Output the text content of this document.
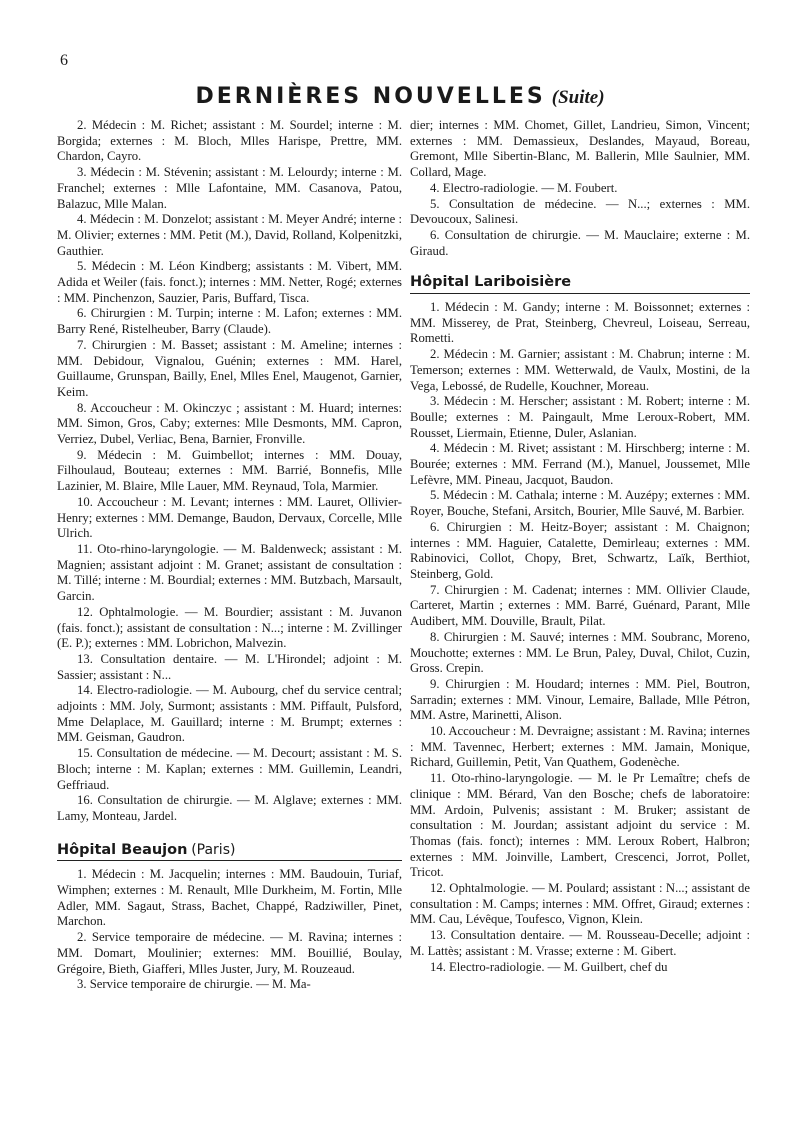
6
DERNIÈRES NOUVELLES (Suite)

2. Médecin : M. Richet; assistant : M. Sourdel; interne : M. Borgida; externes : M. Bloch, Mlles Harispe, Prettre, MM. Chardon, Cayro.

3. Médecin : M. Stévenin; assistant : M. Lelourdy; interne : M. Franchel; externes : Mlle Lafontaine, MM. Casanova, Patou, Balazuc, Mlle Malan.

4. Médecin : M. Donzelot; assistant : M. Meyer André; interne : M. Olivier; externes : MM. Petit (M.), David, Rolland, Kolpenitzki, Gauthier.

5. Médecin : M. Léon Kindberg; assistants : M. Vibert, MM. Adida et Weiler (fais. fonct.); internes : MM. Netter, Rogé; externes : MM. Pinchenzon, Sauzier, Paris, Buffard, Tisca.

6. Chirurgien : M. Turpin; interne : M. Lafon; externes : MM. Barry René, Ristelheuber, Barry (Claude).

7. Chirurgien : M. Basset; assistant : M. Ameline; internes : MM. Debidour, Vignalou, Guénin; externes : MM. Harel, Guillaume, Grunspan, Bailly, Enel, Mlles Enel, Maugenot, Garnier, Keim.

8. Accoucheur : M. Okinczyc ; assistant : M. Huard; internes: MM. Simon, Gros, Caby; externes: Mlle Desmonts, MM. Capron, Verriez, Dubel, Verliac, Bena, Barnier, Fronville.

9. Médecin : M. Guimbellot; internes : MM. Douay, Filhoulaud, Bouteau; externes : MM. Barrié, Bonnefis, Mlle Lazinier, M. Blaire, Mlle Lauer, MM. Reynaud, Tola, Marmier.

10. Accoucheur : M. Levant; internes : MM. Lauret, Ollivier-Henry; externes : MM. Demange, Baudon, Dervaux, Corcelle, Mlle Ulrich.

11. Oto-rhino-laryngologie. — M. Baldenweck; assistant : M. Magnien; assistant adjoint : M. Granet; assistant de consultation : M. Tillé; interne : M. Bourdial; externes : MM. Butzbach, Marsault, Garcin.

12. Ophtalmologie. — M. Bourdier; assistant : M. Juvanon (fais. fonct.); assistant de consultation : N...; interne : M. Zvillinger (E. P.); externes : MM. Lobrichon, Malvezin.

13. Consultation dentaire. — M. L'Hirondel; adjoint : M. Sassier; assistant : N...

14. Electro-radiologie. — M. Aubourg, chef du service central; adjoints : MM. Joly, Surmont; assistants : MM. Piffault, Pulsford, Mme Delaplace, M. Gauillard; interne : M. Brumpt; externes : MM. Geisman, Gaudron.

15. Consultation de médecine. — M. Decourt; assistant : M. S. Bloch; interne : M. Kaplan; externes : MM. Guillemin, Leandri, Geffriaud.

16. Consultation de chirurgie. — M. Alglave; externes : MM. Lamy, Monteau, Jardel.

Hôpital Beaujon (Paris)

1. Médecin : M. Jacquelin; internes : MM. Baudouin, Turiaf, Wimphen; externes : M. Renault, Mlle Durkheim, M. Fortin, Mlle Adler, MM. Sagaut, Strass, Bachet, Chappé, Radziwiller, Pinet, Marchon.

2. Service temporaire de médecine. — M. Ravina; internes : MM. Domart, Moulinier; externes: MM. Bouillié, Boulay, Grégoire, Bieth, Giafferi, Mlles Juster, Jury, M. Rouzeaud.

3. Service temporaire de chirurgie. — M. Ma-

dier; internes : MM. Chomet, Gillet, Landrieu, Simon, Vincent; externes : MM. Demassieux, Deslandes, Mayaud, Boreau, Gremont, Mlle Sibertin-Blanc, M. Ballerin, Mlle Saulnier, MM. Collard, Mage.

4. Electro-radiologie. — M. Foubert.

5. Consultation de médecine. — N...; externes : MM. Devoucoux, Salinesi.

6. Consultation de chirurgie. — M. Mauclaire; externe : M. Giraud.

Hôpital Lariboisière

1. Médecin : M. Gandy; interne : M. Boissonnet; externes : MM. Misserey, de Prat, Steinberg, Chevreul, Loiseau, Serreau, Rometti.

2. Médecin : M. Garnier; assistant : M. Chabrun; interne : M. Temerson; externes : MM. Wetterwald, de Vaulx, Mostini, de la Vega, Lebossé, de Rudelle, Kouchner, Moreau.

3. Médecin : M. Herscher; assistant : M. Robert; interne : M. Boulle; externes : M. Paingault, Mme Leroux-Robert, MM. Rousset, Liermain, Etienne, Duler, Aslanian.

4. Médecin : M. Rivet; assistant : M. Hirschberg; interne : M. Bourée; externes : MM. Ferrand (M.), Manuel, Joussemet, Mlle Lefèvre, MM. Pineau, Jacquot, Baudon.

5. Médecin : M. Cathala; interne : M. Auzépy; externes : MM. Royer, Bouche, Stefani, Arsitch, Bourier, Mlle Sauvé, M. Barbier.

6. Chirurgien : M. Heitz-Boyer; assistant : M. Chaignon; internes : MM. Haguier, Catalette, Demirleau; externes : MM. Rabinovici, Collot, Chopy, Bret, Schwartz, Laïk, Berthiot, Steinberg, Gold.

7. Chirurgien : M. Cadenat; internes : MM. Ollivier Claude, Carteret, Martin ; externes : MM. Barré, Guénard, Parant, Mlle Audibert, MM. Douville, Brault, Pilat.

8. Chirurgien : M. Sauvé; internes : MM. Soubranc, Moreno, Mouchotte; externes : MM. Le Brun, Paley, Duval, Chilot, Cuzin, Gross. Crepin.

9. Chirurgien : M. Houdard; internes : MM. Piel, Boutron, Sarradin; externes : MM. Vinour, Lemaire, Ballade, Mlle Pétron, MM. Astre, Marinetti, Alison.

10. Accoucheur : M. Devraigne; assistant : M. Ravina; internes : MM. Tavennec, Herbert; externes : MM. Jamain, Monique, Richard, Guillemin, Petit, Van Quathem, Godenèche.

11. Oto-rhino-laryngologie. — M. le Pr Lemaître; chefs de clinique : MM. Bérard, Van den Bosche; chefs de laboratoire: MM. Ardoin, Pulvenis; assistant : M. Bruker; assistant de consultation : M. Jourdan; assistant adjoint du service : M. Thomas (fais. fonct); internes : MM. Leroux Robert, Halbron; externes : MM. Joinville, Lambert, Crescenci, Jorrot, Pollet, Tricot.

12. Ophtalmologie. — M. Poulard; assistant : N...; assistant de consultation : M. Camps; internes : MM. Offret, Giraud; externes : MM. Cau, Lévêque, Toufesco, Vignon, Klein.

13. Consultation dentaire. — M. Rousseau-Decelle; adjoint : M. Lattès; assistant : M. Vrasse; externe : M. Gibert.

14. Electro-radiologie. — M. Guilbert, chef du
